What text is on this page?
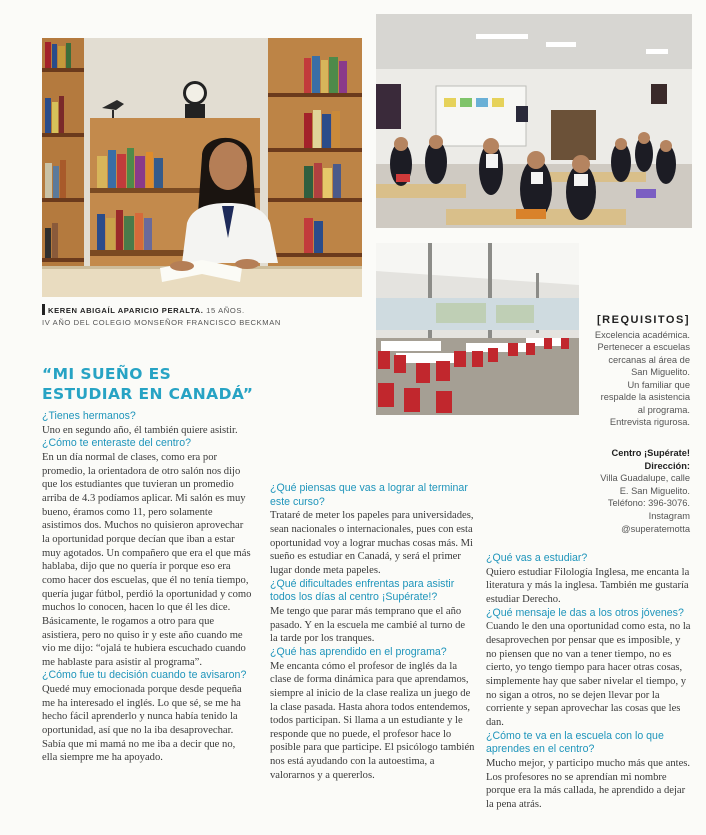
KEREN ABIGAÍL APARICIO PERALTA. 15 AÑOS.
IV AÑO DEL COLEGIO MONSEÑOR FRANCISCO BECKMAN
“MI SUEÑO ES
ESTUDIAR EN CANADÁ”
[REQUISITOS]
Excelencia académica.
Pertenecer a escuelas
cercanas al área de
San Miguelito.
Un familiar que
respalde la asistencia
al programa.
Entrevista rigurosa.
Centro ¡Supérate!
Dirección:
Villa Guadalupe, calle
E. San Miguelito.
Teléfono: 396-3076.
Instagram
@superatemotta

¿Tienes hermanos?

Uno en segundo año, él también quiere asistir.

¿Cómo te enteraste del centro?

En un día normal de clases, como era por promedio, la orientadora de otro salón nos dijo que los estudiantes que tuvieran un promedio arriba de 4.3 podíamos aplicar. Mi salón es muy bueno, éramos como 11, pero solamente asistimos dos. Muchos no quisieron aprovechar la oportunidad porque decían que iban a estar muy agotados. Un compañero que era el que más hablaba, dijo que no quería ir porque eso era como hacer dos escuelas, que él no tenía tiempo, quería jugar fútbol, perdió la oportunidad y como muchos lo conocen, hacen lo que él les dice. Básicamente, le rogamos a otro para que asistiera, pero no quiso ir y este año cuando me vio me dijo: “ojalá te hubiera escuchado cuando me hablaste para asistir al programa”.

¿Cómo fue tu decisión cuando te avisaron?

Quedé muy emocionada porque desde pequeña me ha interesado el inglés. Lo que sé, se me ha hecho fácil aprenderlo y nunca había tenido la oportunidad, así que no la iba desaprovechar. Sabía que mi mamá no me iba a decir que no, ella siempre me ha apoyado.

¿Qué piensas que vas a lograr al terminar este curso?

Trataré de meter los papeles para universidades, sean nacionales o internacionales, pues con esta oportunidad voy a lograr muchas cosas más. Mi sueño es estudiar en Canadá, y será el primer lugar donde meta papeles.

¿Qué dificultades enfrentas para asistir todos los días al centro ¡Supérate!?

Me tengo que parar más temprano que el año pasado. Y en la escuela me cambié al turno de la tarde por los tranques.

¿Qué has aprendido en el programa?

Me encanta cómo el profesor de inglés da la clase de forma dinámica para que aprendamos, siempre al inicio de la clase realiza un juego de la clase pasada. Hasta ahora todos entendemos, todos participan. Si llama a un estudiante y le responde que no puede, el profesor hace lo posible para que participe. El psicólogo también nos está ayudando con la autoestima, a valorarnos y a quererlos.

¿Qué vas a estudiar?

Quiero estudiar Filología Inglesa, me encanta la literatura y más la inglesa. También me gustaría estudiar Derecho.

¿Qué mensaje le das a los otros jóvenes?

Cuando le den una oportunidad como esta, no la desaprovechen por pensar que es imposible, y no piensen que no van a tener tiempo, no es cierto, yo tengo tiempo para hacer otras cosas, simplemente hay que saber nivelar el tiempo, y no sigan a otros, no se dejen llevar por la corriente y sepan aprovechar las cosas que les dan.

¿Cómo te va en la escuela con lo que aprendes en el centro?

Mucho mejor, y participo mucho más que antes. Los profesores no se aprendían mi nombre porque era la más callada, he aprendido a dejar la pena atrás.
